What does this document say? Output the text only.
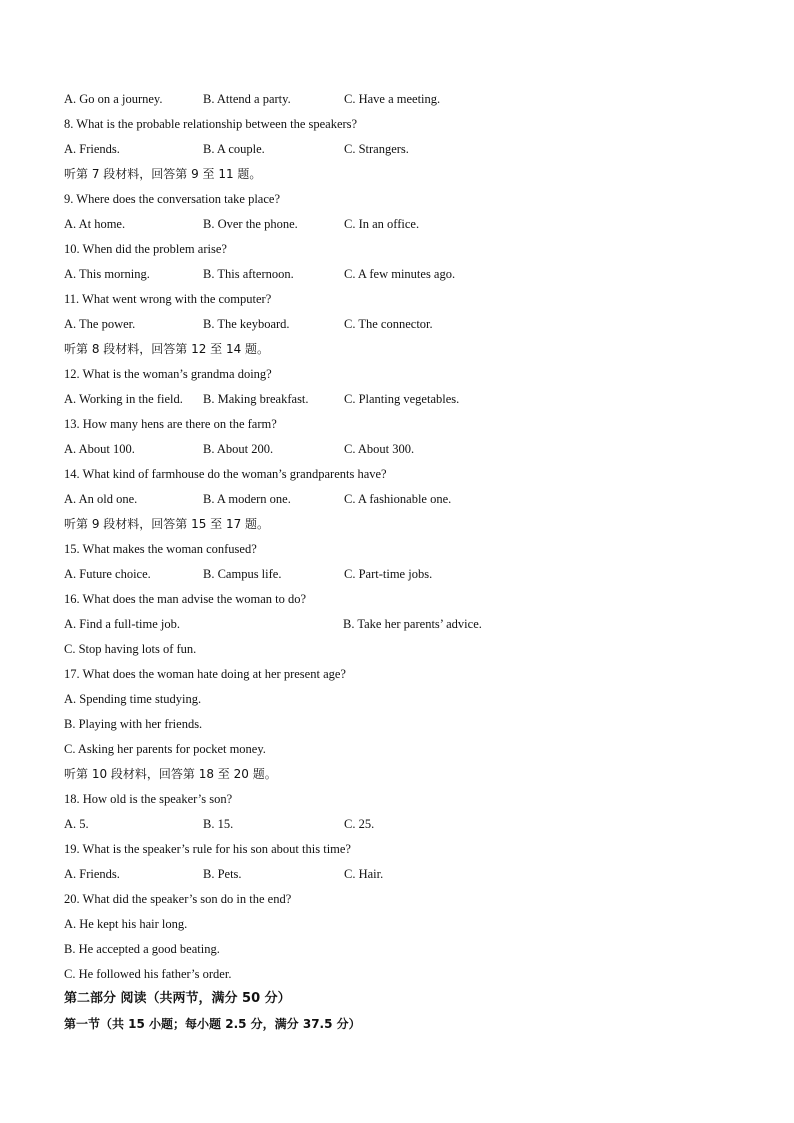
A. Go on a journey.	B. Attend a party.	C. Have a meeting.
8. What is the probable relationship between the speakers?
A. Friends.	B. A couple.	C. Strangers.
听第 7 段材料，回答第 9 至 11 题。
9. Where does the conversation take place?
A. At home.	B. Over the phone.	C. In an office.
10. When did the problem arise?
A. This morning.	B. This afternoon.	C. A few minutes ago.
11. What went wrong with the computer?
A. The power.	B. The keyboard.	C. The connector.
听第 8 段材料，回答第 12 至 14 题。
12. What is the woman’s grandma doing?
A. Working in the field. B. Making breakfast.	C. Planting vegetables.
13. How many hens are there on the farm?
A. About 100.	B. About 200.	C. About 300.
14. What kind of farmhouse do the woman’s grandparents have?
A. An old one.	B. A modern one.	C. A fashionable one.
听第 9 段材料，回答第 15 至 17 题。
15. What makes the woman confused?
A. Future choice.	B. Campus life.	C. Part-time jobs.
16. What does the man advise the woman to do?
A. Find a full-time job.	B. Take her parents’ advice.
C. Stop having lots of fun.
17. What does the woman hate doing at her present age?
A. Spending time studying.
B. Playing with her friends.
C. Asking her parents for pocket money.
听第 10 段材料，回答第 18 至 20 题。
18. How old is the speaker’s son?
A. 5.	B. 15.	C. 25.
19. What is the speaker’s rule for his son about this time?
A. Friends.	B. Pets.	C. Hair.
20. What did the speaker’s son do in the end?
A. He kept his hair long.
B. He accepted a good beating.
C. He followed his father’s order.
第二部分 阅读（共两节，满分 50 分）
第一节（共 15 小题；每小题 2.5 分，满分 37.5 分）
